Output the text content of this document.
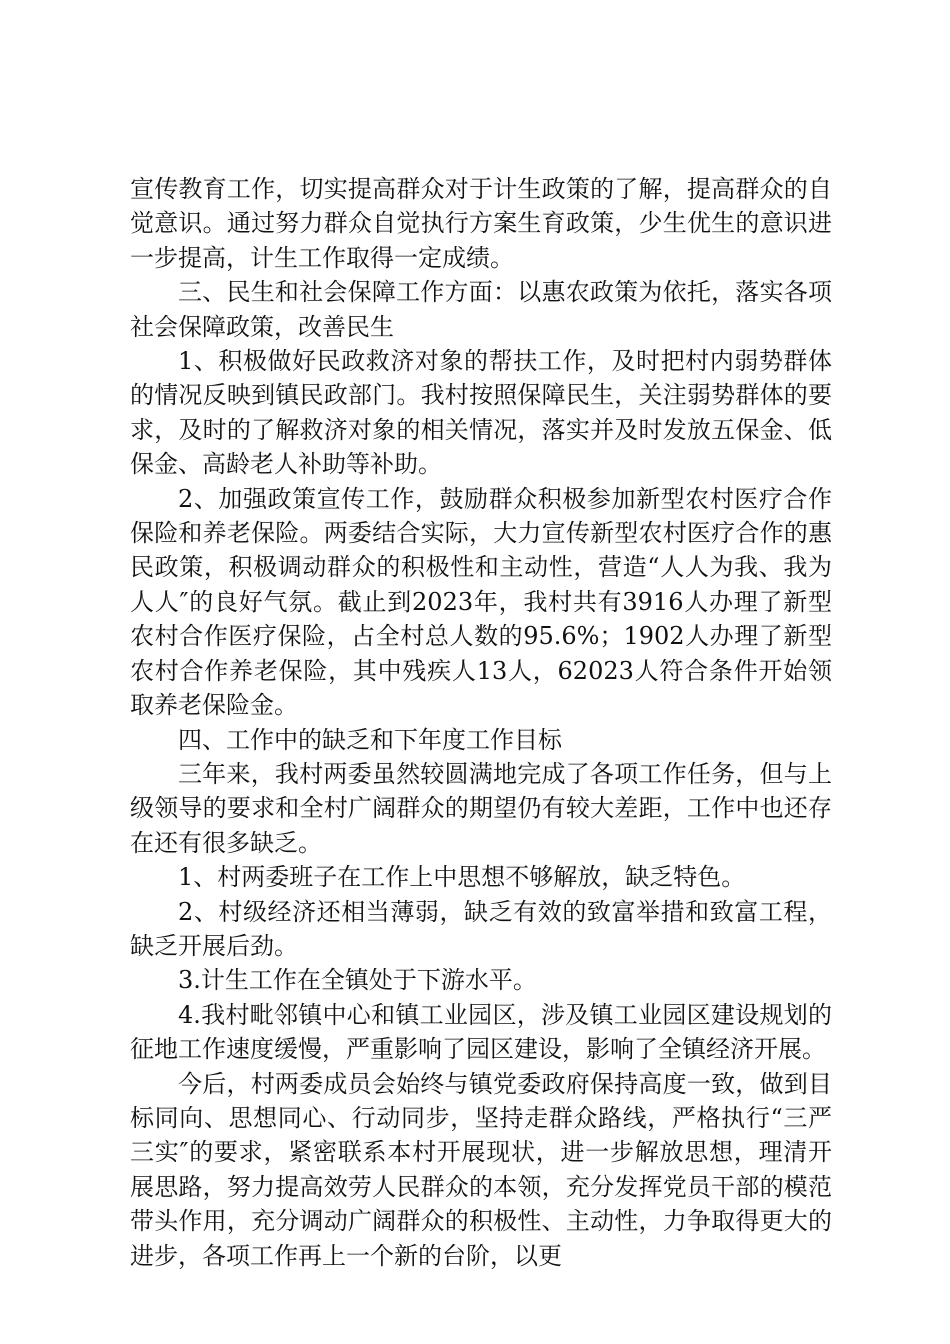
宣传教育工作，切实提高群众对于计生政策的了解，提高群众的自觉意识。通过努力群众自觉执行方案生育政策，少生优生的意识进一步提高，计生工作取得一定成绩。

三、民生和社会保障工作方面：以惠农政策为依托，落实各项社会保障政策，改善民生

1、积极做好民政救济对象的帮扶工作，及时把村内弱势群体的情况反映到镇民政部门。我村按照保障民生，关注弱势群体的要求，及时的了解救济对象的相关情况，落实并及时发放五保金、低保金、高龄老人补助等补助。

2、加强政策宣传工作，鼓励群众积极参加新型农村医疗合作保险和养老保险。两委结合实际，大力宣传新型农村医疗合作的惠民政策，积极调动群众的积极性和主动性，营造“人人为我、我为人人″的良好气氛。截止到2023年，我村共有3916人办理了新型农村合作医疗保险，占全村总人数的95.6%；1902人办理了新型农村合作养老保险，其中残疾人13人，62023人符合条件开始领取养老保险金。

四、工作中的缺乏和下年度工作目标

三年来，我村两委虽然较圆满地完成了各项工作任务，但与上级领导的要求和全村广阔群众的期望仍有较大差距，工作中也还存在还有很多缺乏。

1、村两委班子在工作上中思想不够解放，缺乏特色。

2、村级经济还相当薄弱，缺乏有效的致富举措和致富工程，缺乏开展后劲。

3.计生工作在全镇处于下游水平。

4.我村毗邻镇中心和镇工业园区，涉及镇工业园区建设规划的征地工作速度缓慢，严重影响了园区建设，影响了全镇经济开展。

今后，村两委成员会始终与镇党委政府保持高度一致，做到目标同向、思想同心、行动同步，坚持走群众路线，严格执行“三严三实″的要求，紧密联系本村开展现状，进一步解放思想，理清开展思路，努力提高效劳人民群众的本领，充分发挥党员干部的模范带头作用，充分调动广阔群众的积极性、主动性，力争取得更大的进步，各项工作再上一个新的台阶，以更
